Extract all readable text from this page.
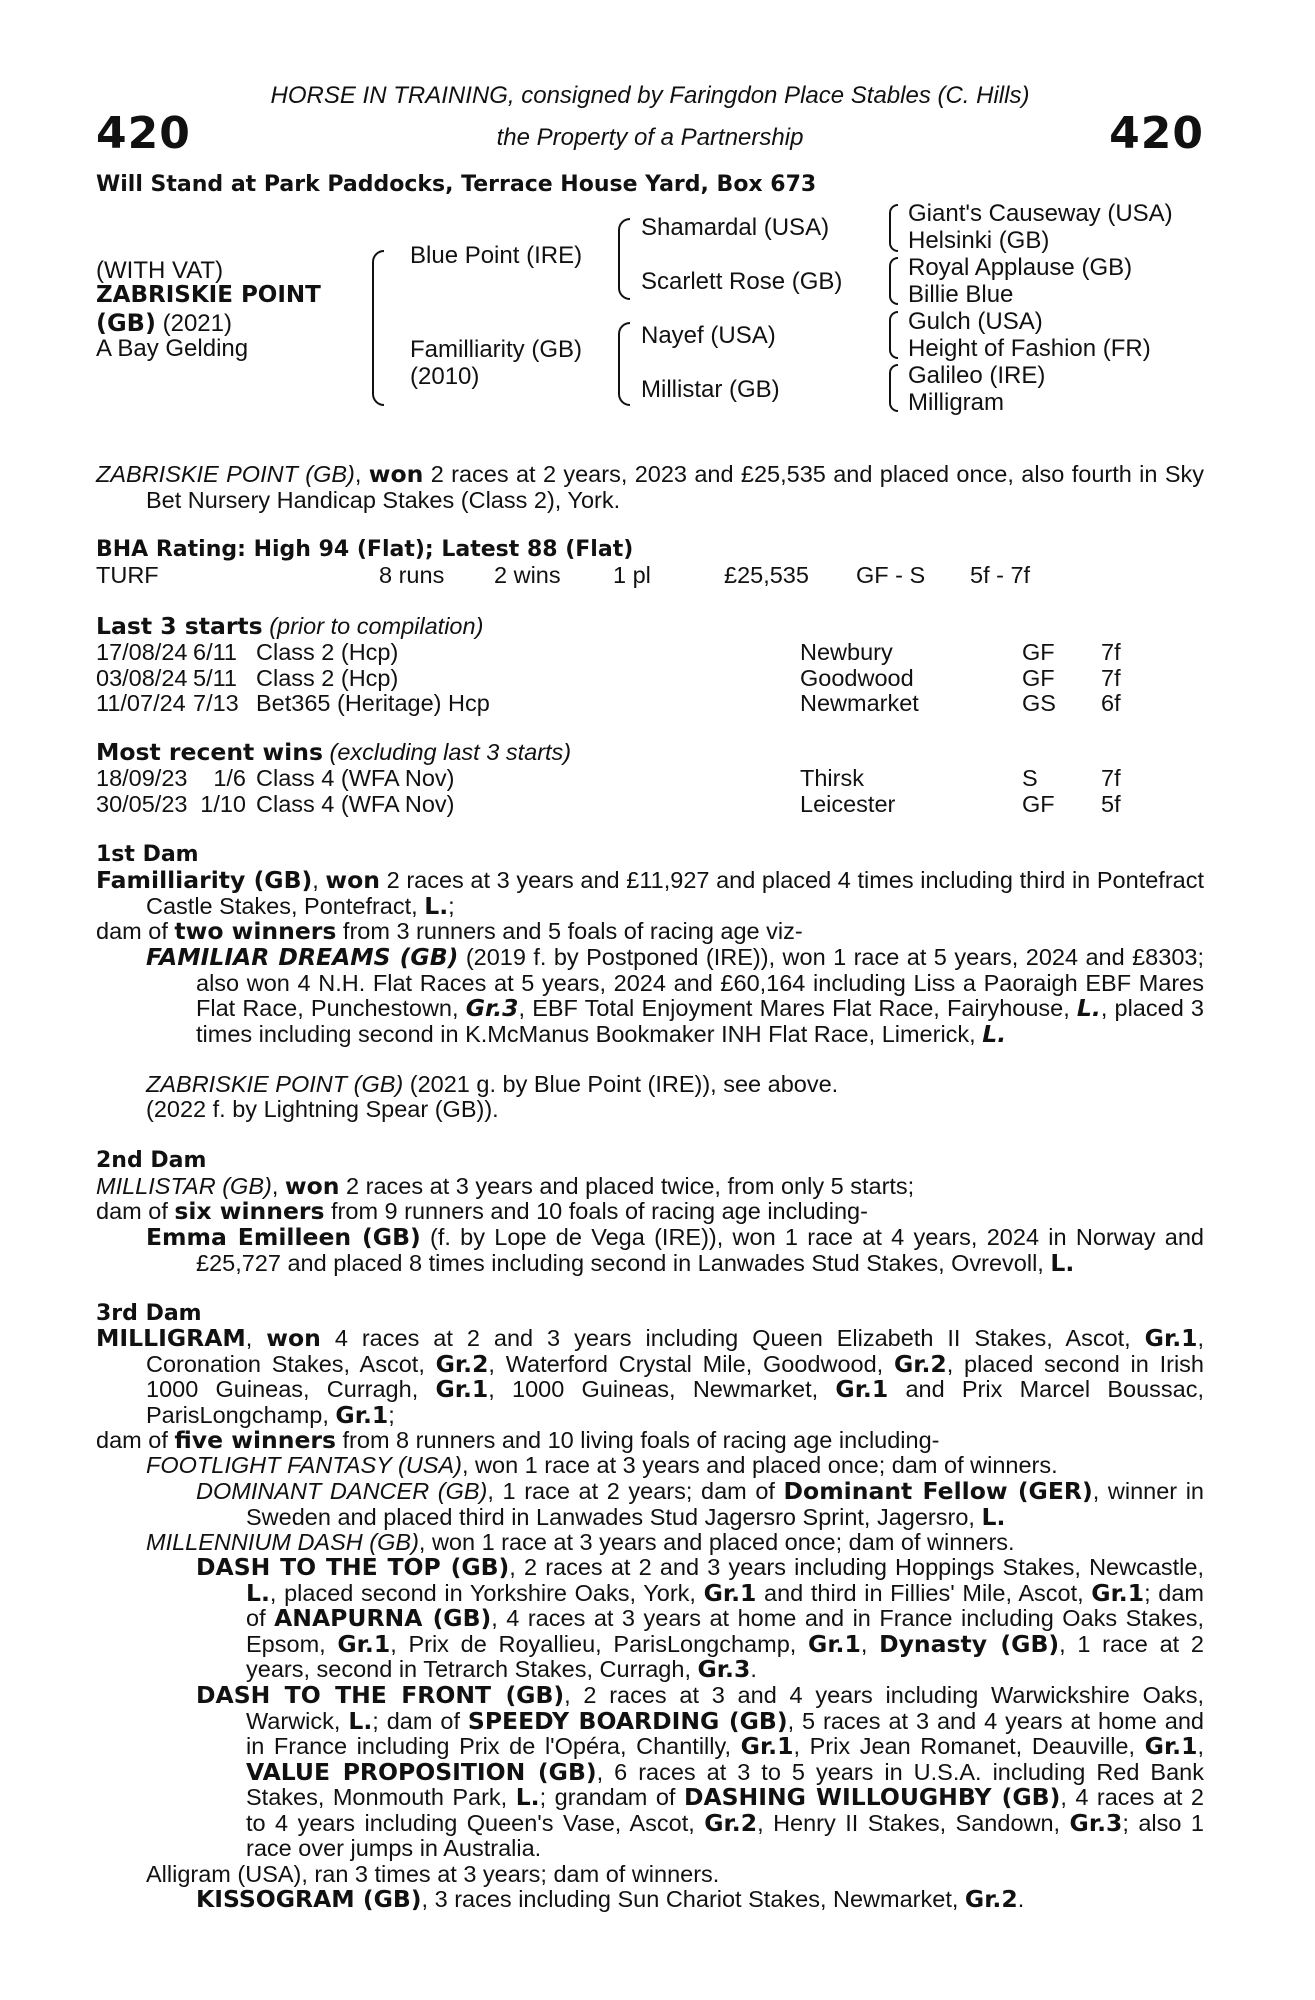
420	420
HORSE IN TRAINING, consigned by Faringdon Place Stables (C. Hills)
the Property of a Partnership
Will Stand at Park Paddocks, Terrace House Yard, Box 673
(WITH VAT)
ZABRISKIE POINT
(GB) (2021)
A Bay Gelding
Blue Point (IRE)
Familliarity (GB)
(2010)
Shamardal (USA)
Scarlett Rose (GB)
Nayef (USA)
Millistar (GB)
Giant's Causeway (USA)
Helsinki (GB)
Royal Applause (GB)
Billie Blue
Gulch (USA)
Height of Fashion (FR)
Galileo (IRE)
Milligram
ZABRISKIE POINT (GB), won 2 races at 2 years, 2023 and £25,535 and placed once, also fourth in Sky Bet Nursery Handicap Stakes (Class 2), York.
BHA Rating: High 94 (Flat); Latest 88 (Flat)
TURF	8 runs 2 wins 1 pl	£25,535 GF - S 5f - 7f
Last 3 starts (prior to compilation)
17/08/24	6/11	Class 2 (Hcp)	Newbury	GF	7f
03/08/24	5/11	Class 2 (Hcp)	Goodwood	GF	7f
11/07/24	7/13	Bet365 (Heritage) Hcp	Newmarket	GS	6f
Most recent wins (excluding last 3 starts)
18/09/23	1/6	Class 4 (WFA Nov)	Thirsk	S	7f
30/05/23	1/10	Class 4 (WFA Nov)	Leicester	GF	5f
1st Dam
Familliarity (GB), won 2 races at 3 years and £11,927 and placed 4 times including third in Pontefract Castle Stakes, Pontefract, L.;
dam of two winners from 3 runners and 5 foals of racing age viz-
FAMILIAR DREAMS (GB) (2019 f. by Postponed (IRE)), won 1 race at 5 years, 2024 and £8303; also won 4 N.H. Flat Races at 5 years, 2024 and £60,164 including Liss a Paoraigh EBF Mares Flat Race, Punchestown, Gr.3, EBF Total Enjoyment Mares Flat Race, Fairyhouse, L., placed 3 times including second in K.McManus Bookmaker INH Flat Race, Limerick, L.
ZABRISKIE POINT (GB) (2021 g. by Blue Point (IRE)), see above.
(2022 f. by Lightning Spear (GB)).
2nd Dam
MILLISTAR (GB), won 2 races at 3 years and placed twice, from only 5 starts;
dam of six winners from 9 runners and 10 foals of racing age including-
Emma Emilleen (GB) (f. by Lope de Vega (IRE)), won 1 race at 4 years, 2024 in Norway and £25,727 and placed 8 times including second in Lanwades Stud Stakes, Ovrevoll, L.
3rd Dam
MILLIGRAM, won 4 races at 2 and 3 years including Queen Elizabeth II Stakes, Ascot, Gr.1, Coronation Stakes, Ascot, Gr.2, Waterford Crystal Mile, Goodwood, Gr.2, placed second in Irish 1000 Guineas, Curragh, Gr.1, 1000 Guineas, Newmarket, Gr.1 and Prix Marcel Boussac, ParisLongchamp, Gr.1;
dam of five winners from 8 runners and 10 living foals of racing age including-
FOOTLIGHT FANTASY (USA), won 1 race at 3 years and placed once; dam of winners.
DOMINANT DANCER (GB), 1 race at 2 years; dam of Dominant Fellow (GER), winner in Sweden and placed third in Lanwades Stud Jagersro Sprint, Jagersro, L.
MILLENNIUM DASH (GB), won 1 race at 3 years and placed once; dam of winners.
DASH TO THE TOP (GB), 2 races at 2 and 3 years including Hoppings Stakes, Newcastle, L., placed second in Yorkshire Oaks, York, Gr.1 and third in Fillies' Mile, Ascot, Gr.1; dam of ANAPURNA (GB), 4 races at 3 years at home and in France including Oaks Stakes, Epsom, Gr.1, Prix de Royallieu, ParisLongchamp, Gr.1, Dynasty (GB), 1 race at 2 years, second in Tetrarch Stakes, Curragh, Gr.3.
DASH TO THE FRONT (GB), 2 races at 3 and 4 years including Warwickshire Oaks, Warwick, L.; dam of SPEEDY BOARDING (GB), 5 races at 3 and 4 years at home and in France including Prix de l'Opéra, Chantilly, Gr.1, Prix Jean Romanet, Deauville, Gr.1, VALUE PROPOSITION (GB), 6 races at 3 to 5 years in U.S.A. including Red Bank Stakes, Monmouth Park, L.; grandam of DASHING WILLOUGHBY (GB), 4 races at 2 to 4 years including Queen's Vase, Ascot, Gr.2, Henry II Stakes, Sandown, Gr.3; also 1 race over jumps in Australia.
Alligram (USA), ran 3 times at 3 years; dam of winners.
KISSOGRAM (GB), 3 races including Sun Chariot Stakes, Newmarket, Gr.2.
